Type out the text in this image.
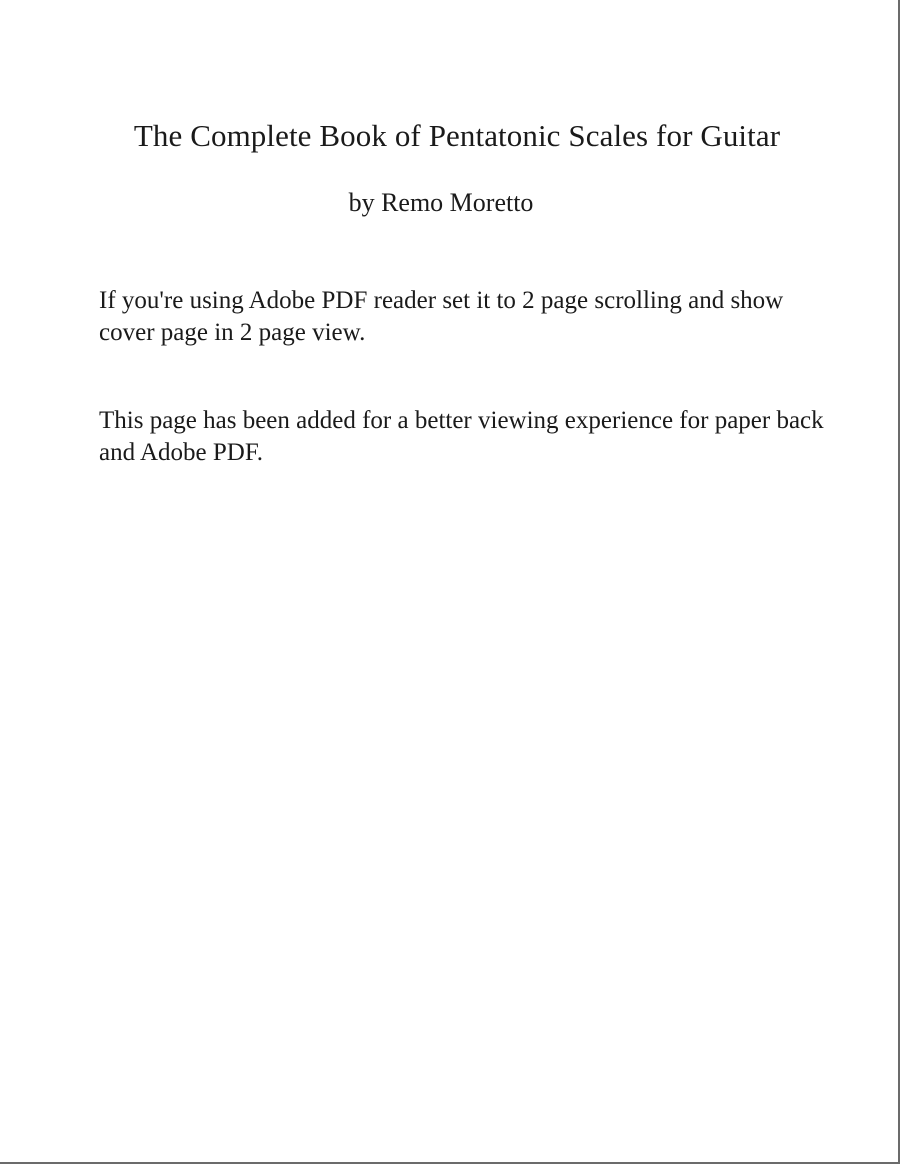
The Complete Book of Pentatonic Scales for Guitar

by Remo Moretto

If you're using Adobe PDF reader set it to 2 page scrolling and show cover page in 2 page view.

This page has been added for a better viewing experience for paper back and Adobe PDF.
